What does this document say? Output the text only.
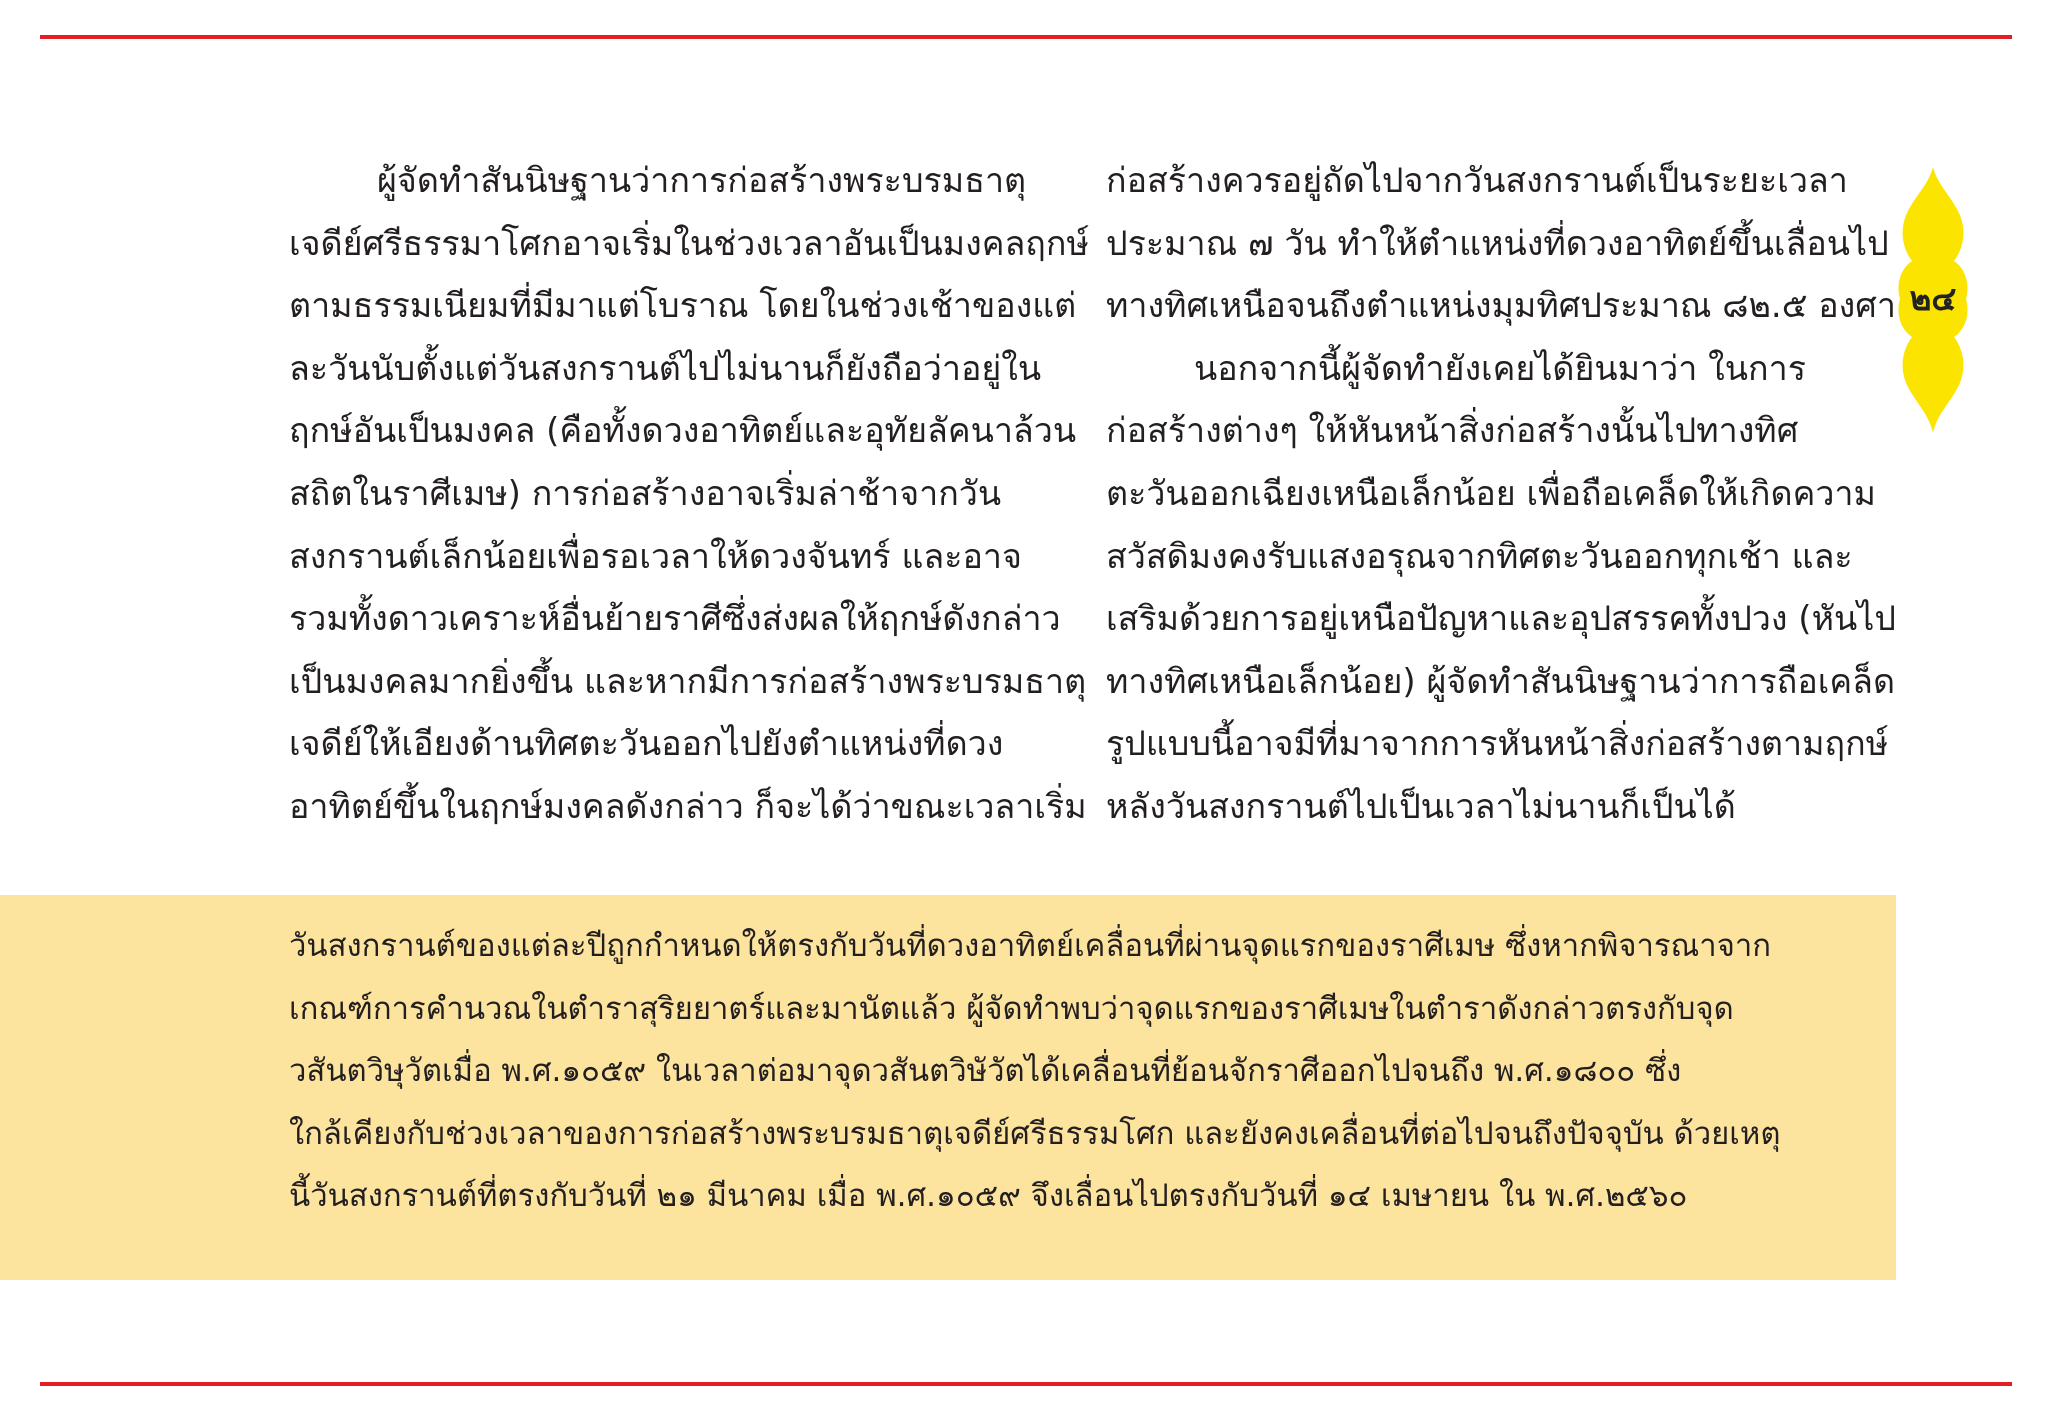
ผู้จัดทำสันนิษฐานว่าการก่อสร้างพระบรมธาตุ
เจดีย์ศรีธรรมาโศกอาจเริ่มในช่วงเวลาอันเป็นมงคลฤกษ์
ตามธรรมเนียมที่มีมาแต่โบราณ โดยในช่วงเช้าของแต่
ละวันนับตั้งแต่วันสงกรานต์ไปไม่นานก็ยังถือว่าอยู่ใน
ฤกษ์อันเป็นมงคล (คือทั้งดวงอาทิตย์และอุทัยลัคนาล้วน
สถิตในราศีเมษ) การก่อสร้างอาจเริ่มล่าช้าจากวัน
สงกรานต์เล็กน้อยเพื่อรอเวลาให้ดวงจันทร์ และอาจ
รวมทั้งดาวเคราะห์อื่นย้ายราศีซึ่งส่งผลให้ฤกษ์ดังกล่าว
เป็นมงคลมากยิ่งขึ้น และหากมีการก่อสร้างพระบรมธาตุ
เจดีย์ให้เอียงด้านทิศตะวันออกไปยังตำแหน่งที่ดวง
อาทิตย์ขึ้นในฤกษ์มงคลดังกล่าว ก็จะได้ว่าขณะเวลาเริ่ม
ก่อสร้างควรอยู่ถัดไปจากวันสงกรานต์เป็นระยะเวลา
ประมาณ ๗ วัน ทำให้ตำแหน่งที่ดวงอาทิตย์ขึ้นเลื่อนไป
ทางทิศเหนือจนถึงตำแหน่งมุมทิศประมาณ ๘๒.๕ องศา
นอกจากนี้ผู้จัดทำยังเคยได้ยินมาว่า ในการ
ก่อสร้างต่างๆ ให้หันหน้าสิ่งก่อสร้างนั้นไปทางทิศ
ตะวันออกเฉียงเหนือเล็กน้อย เพื่อถือเคล็ดให้เกิดความ
สวัสดิมงคงรับแสงอรุณจากทิศตะวันออกทุกเช้า และ
เสริมด้วยการอยู่เหนือปัญหาและอุปสรรคทั้งปวง (หันไป
ทางทิศเหนือเล็กน้อย) ผู้จัดทำสันนิษฐานว่าการถือเคล็ด
รูปแบบนี้อาจมีที่มาจากการหันหน้าสิ่งก่อสร้างตามฤกษ์
หลังวันสงกรานต์ไปเป็นเวลาไม่นานก็เป็นได้
๒๔
วันสงกรานต์ของแต่ละปีถูกกำหนดให้ตรงกับวันที่ดวงอาทิตย์เคลื่อนที่ผ่านจุดแรกของราศีเมษ ซึ่งหากพิจารณาจาก
เกณฑ์การคำนวณในตำราสุริยยาตร์และมานัตแล้ว ผู้จัดทำพบว่าจุดแรกของราศีเมษในตำราดังกล่าวตรงกับจุด
วสันตวิษุวัตเมื่อ พ.ศ.๑๐๕๙ ในเวลาต่อมาจุดวสันตวิษัวัตได้เคลื่อนที่ย้อนจักราศีออกไปจนถึง พ.ศ.๑๘๐๐ ซึ่ง
ใกล้เคียงกับช่วงเวลาของการก่อสร้างพระบรมธาตุเจดีย์ศรีธรรมโศก และยังคงเคลื่อนที่ต่อไปจนถึงปัจจุบัน ด้วยเหตุ
นี้วันสงกรานต์ที่ตรงกับวันที่ ๒๑ มีนาคม เมื่อ พ.ศ.๑๐๕๙ จึงเลื่อนไปตรงกับวันที่ ๑๔ เมษายน ใน พ.ศ.๒๕๖๐
